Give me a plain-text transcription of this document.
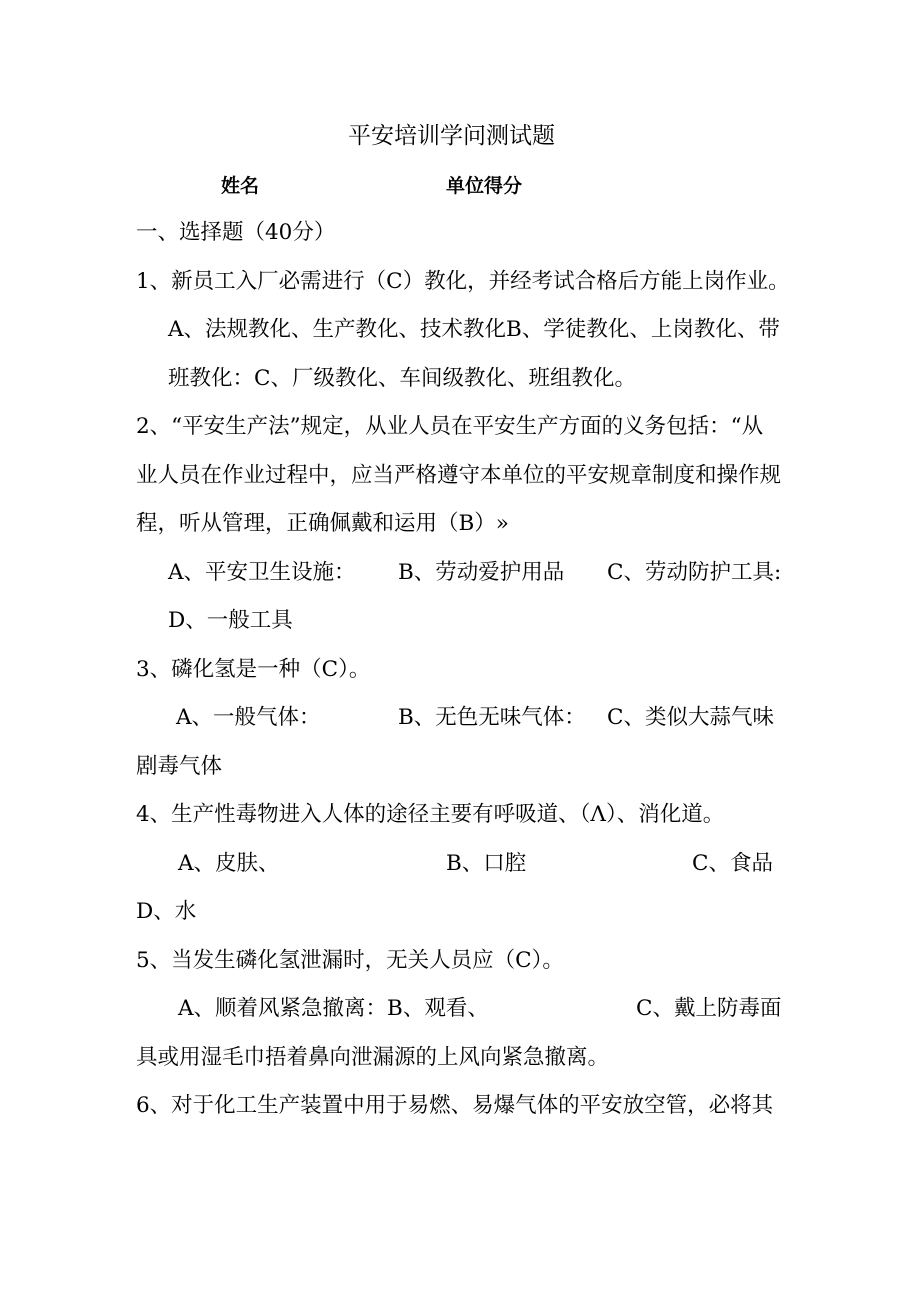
平安培训学问测试题
姓名	单位得分
一、选择题（40分）
1、新员工入厂必需进行（C）教化，并经考试合格后方能上岗作业。
A、法规教化、生产教化、技术教化B、学徒教化、上岗教化、带
班教化：C、厂级教化、车间级教化、班组教化。
2、“平安生产法”规定，从业人员在平安生产方面的义务包括：“从
业人员在作业过程中，应当严格遵守本单位的平安规章制度和操作规
程，听从管理，正确佩戴和运用（B）»
A、平安卫生设施： B、劳动爱护用品 C、劳动防护工具:
D、一般工具
3、磷化氢是一种（C）。
A、一般气体：	B、无色无味气体： C、类似大蒜气味
剧毒气体
4、生产性毒物进入人体的途径主要有呼吸道、（Λ）、消化道。
A、皮肤、	B、口腔	C、食品
D、水
5、当发生磷化氢泄漏时，无关人员应（C）。
A、顺着风紧急撤离：B、观看、	C、戴上防毒面
具或用湿毛巾捂着鼻向泄漏源的上风向紧急撤离。
6、对于化工生产装置中用于易燃、易爆气体的平安放空管，必将其
